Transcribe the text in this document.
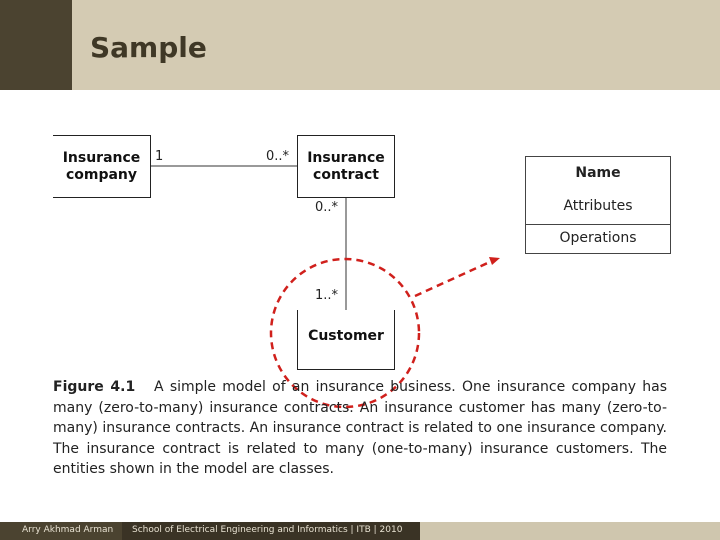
Sample
Insurance
company
Insurance
contract
Customer
1	0..*
0..*
1..*
Name
Attributes
Operations
Figure 4.1 A simple model of an insurance business. One insurance company has many (zero-to-many) insurance contracts. An insurance customer has many (zero-to-many) insurance contracts. An insurance contract is related to one insurance company. The insurance contract is related to many (one-to-many) insurance customers. The entities shown in the model are classes.
Arry Akhmad Arman School of Electrical Engineering and Informatics | ITB | 2010
